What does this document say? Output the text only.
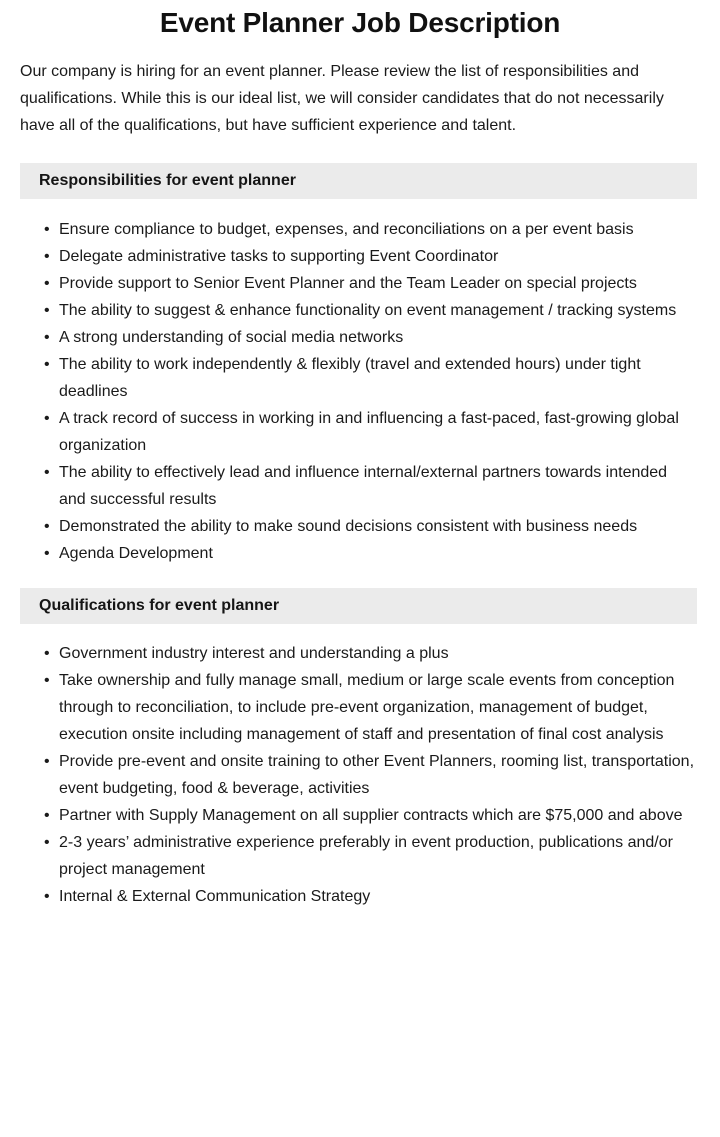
Event Planner Job Description

Our company is hiring for an event planner. Please review the list of responsibilities and qualifications. While this is our ideal list, we will consider candidates that do not necessarily have all of the qualifications, but have sufficient experience and talent.

Responsibilities for event planner
• Ensure compliance to budget, expenses, and reconciliations on a per event basis
• Delegate administrative tasks to supporting Event Coordinator
• Provide support to Senior Event Planner and the Team Leader on special projects
• The ability to suggest & enhance functionality on event management / tracking systems
• A strong understanding of social media networks
• The ability to work independently & flexibly (travel and extended hours) under tight deadlines
• A track record of success in working in and influencing a fast-paced, fast-growing global organization
• The ability to effectively lead and influence internal/external partners towards intended and successful results
• Demonstrated the ability to make sound decisions consistent with business needs
• Agenda Development
Qualifications for event planner
• Government industry interest and understanding a plus
• Take ownership and fully manage small, medium or large scale events from conception through to reconciliation, to include pre-event organization, management of budget, execution onsite including management of staff and presentation of final cost analysis
• Provide pre-event and onsite training to other Event Planners, rooming list, transportation, event budgeting, food & beverage, activities
• Partner with Supply Management on all supplier contracts which are $75,000 and above
• 2-3 years’ administrative experience preferably in event production, publications and/or project management
• Internal & External Communication Strategy
